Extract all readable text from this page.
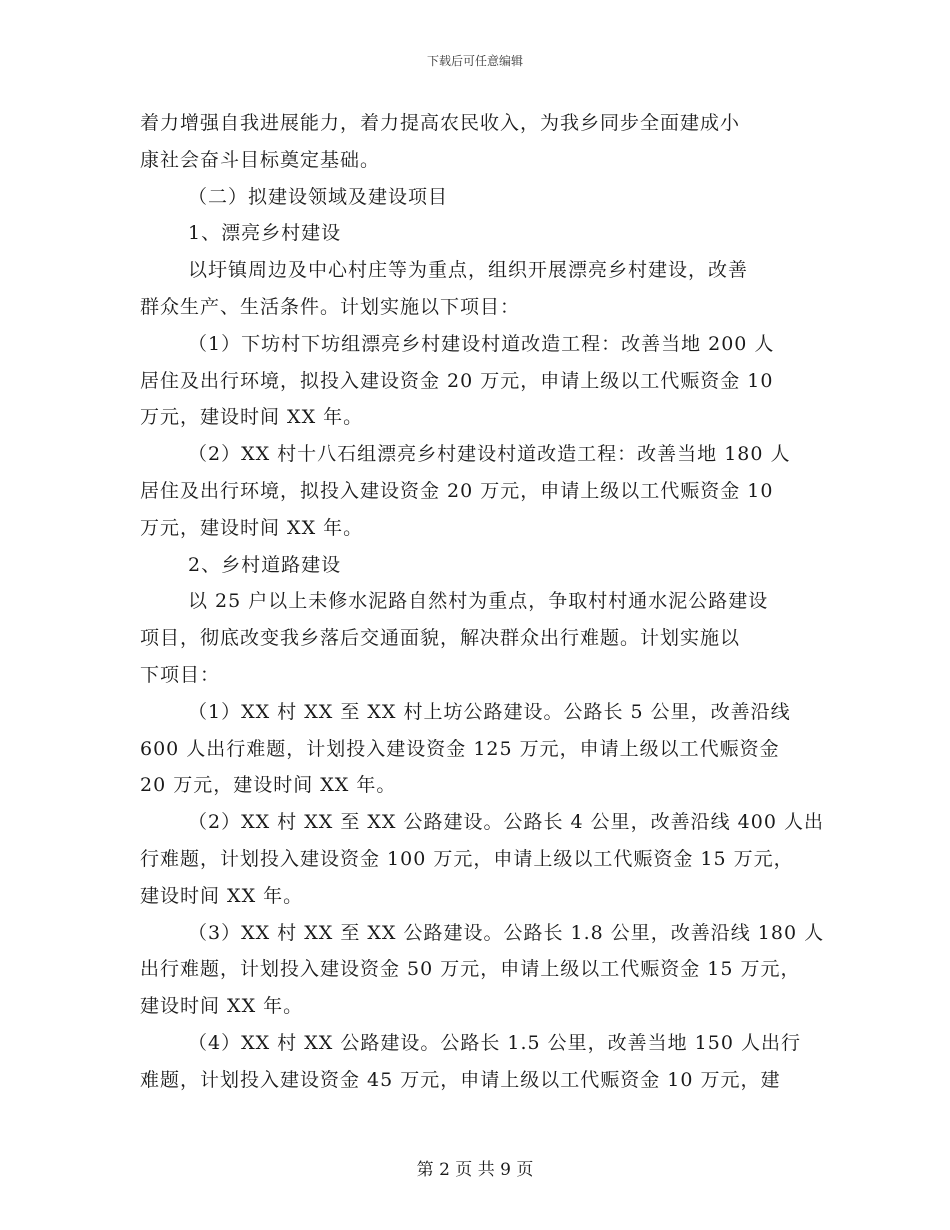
下载后可任意编辑
着力增强自我进展能力，着力提高农民收入，为我乡同步全面建成小
康社会奋斗目标奠定基础。
（二）拟建设领域及建设项目
1、漂亮乡村建设
以圩镇周边及中心村庄等为重点，组织开展漂亮乡村建设，改善
群众生产、生活条件。计划实施以下项目：
（1）下坊村下坊组漂亮乡村建设村道改造工程：改善当地 200 人
居住及出行环境，拟投入建设资金 20 万元，申请上级以工代赈资金 10
万元，建设时间 XX 年。
（2）XX 村十八石组漂亮乡村建设村道改造工程：改善当地 180 人
居住及出行环境，拟投入建设资金 20 万元，申请上级以工代赈资金 10
万元，建设时间 XX 年。
2、乡村道路建设
以 25 户以上未修水泥路自然村为重点，争取村村通水泥公路建设
项目，彻底改变我乡落后交通面貌，解决群众出行难题。计划实施以
下项目：
（1）XX 村 XX 至 XX 村上坊公路建设。公路长 5 公里，改善沿线
600 人出行难题，计划投入建设资金 125 万元，申请上级以工代赈资金
20 万元，建设时间 XX 年。
（2）XX 村 XX 至 XX 公路建设。公路长 4 公里，改善沿线 400 人出
行难题，计划投入建设资金 100 万元，申请上级以工代赈资金 15 万元，
建设时间 XX 年。
（3）XX 村 XX 至 XX 公路建设。公路长 1.8 公里，改善沿线 180 人
出行难题，计划投入建设资金 50 万元，申请上级以工代赈资金 15 万元，
建设时间 XX 年。
（4）XX 村 XX 公路建设。公路长 1.5 公里，改善当地 150 人出行
难题，计划投入建设资金 45 万元，申请上级以工代赈资金 10 万元，建
第 2 页 共 9 页
